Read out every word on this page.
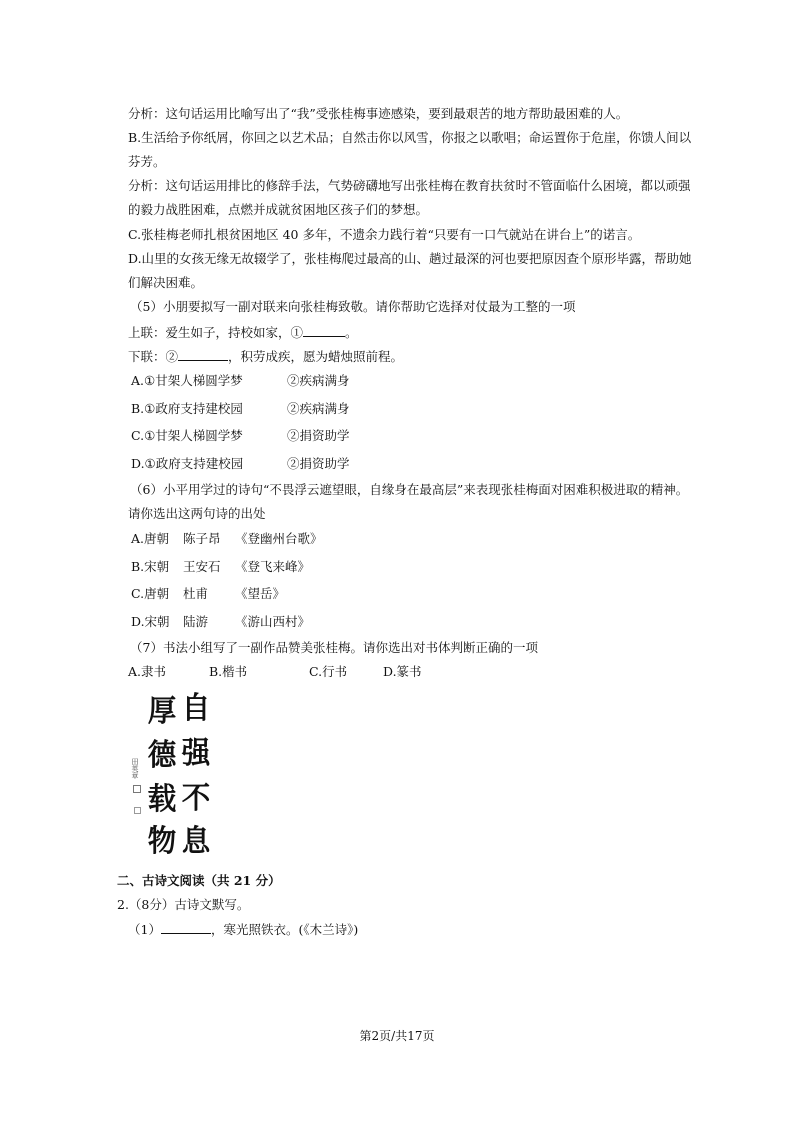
分析：这句话运用比喻写出了“我”受张桂梅事迹感染，要到最艰苦的地方帮助最困难的人。
B.生活给予你纸屑，你回之以艺术品；自然击你以风雪，你报之以歌唱；命运置你于危崖，你馈人间以
芬芳。
分析：这句话运用排比的修辞手法，气势磅礴地写出张桂梅在教育扶贫时不管面临什么困境，都以顽强
的毅力战胜困难，点燃并成就贫困地区孩子们的梦想。
C.张桂梅老师扎根贫困地区 40 多年，不遗余力践行着“只要有一口气就站在讲台上”的诺言。
D.山里的女孩无缘无故辍学了，张桂梅爬过最高的山、趟过最深的河也要把原因查个原形毕露，帮助她
们解决困难。
（5）小朋要拟写一副对联来向张桂梅致敬。请你帮助它选择对仗最为工整的一项
上联：爱生如子，持校如家，①	。
下联：②	，积劳成疾，愿为蜡烛照前程。
A.①甘架人梯圆学梦	②疾病满身
B.①政府支持建校园	②疾病满身
C.①甘架人梯圆学梦	②捐资助学
D.①政府支持建校园	②捐资助学
（6）小平用学过的诗句“不畏浮云遮望眼，自缘身在最高层”来表现张桂梅面对困难积极进取的精神。
请你选出这两句诗的出处
A.唐朝 陈子昂 《登幽州台歌》
B.宋朝 王安石 《登飞来峰》
C.唐朝 杜甫 《望岳》
D.宋朝 陆游 《游山西村》
（7）书法小组写了一副作品赞美张桂梅。请你选出对书体判断正确的一项
A.隶书	B.楷书	C.行书	D.篆书
自
强
不
息
厚
德
载
物
田英章
二、古诗文阅读（共 21 分）
2.（8分）古诗文默写。
（1）	，寒光照铁衣。(《木兰诗》)
第2页/共17页
